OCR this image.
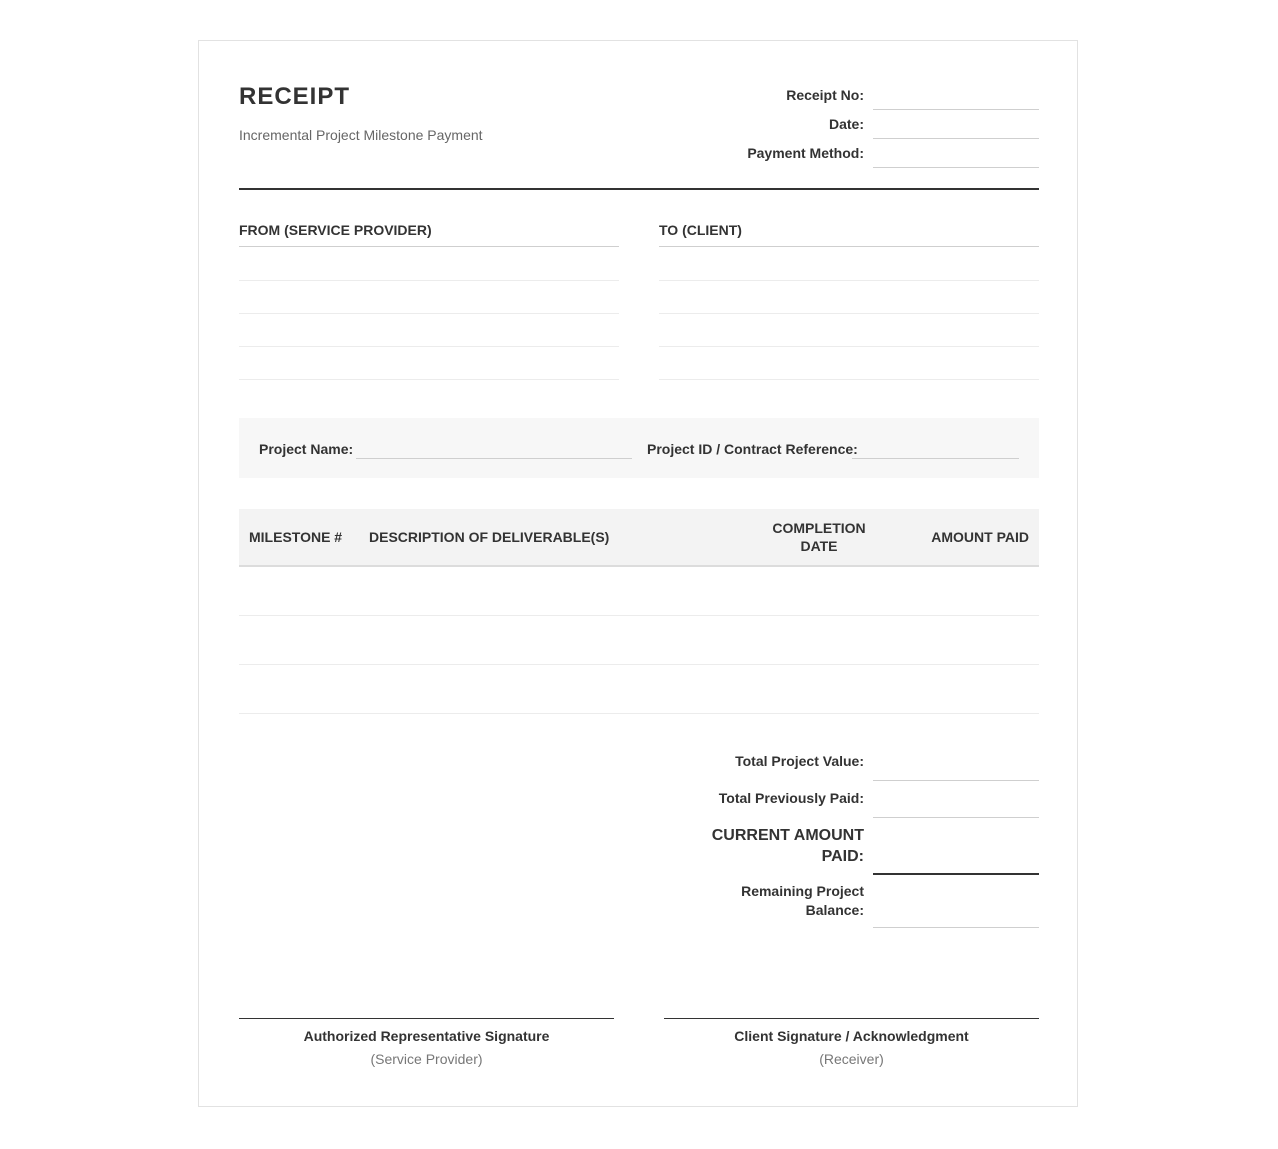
RECEIPT
Incremental Project Milestone Payment
Receipt No:
Date:
Payment Method:
FROM (SERVICE PROVIDER)	TO (CLIENT)
Project Name:	Project ID / Contract Reference:
MILESTONE # DESCRIPTION OF DELIVERABLE(S)
COMPLETION
DATE
AMOUNT PAID
Total Project Value:
Total Previously Paid:
CURRENT AMOUNT
PAID:
Remaining Project
Balance:
Authorized Representative Signature
(Service Provider)
Client Signature / Acknowledgment
(Receiver)
